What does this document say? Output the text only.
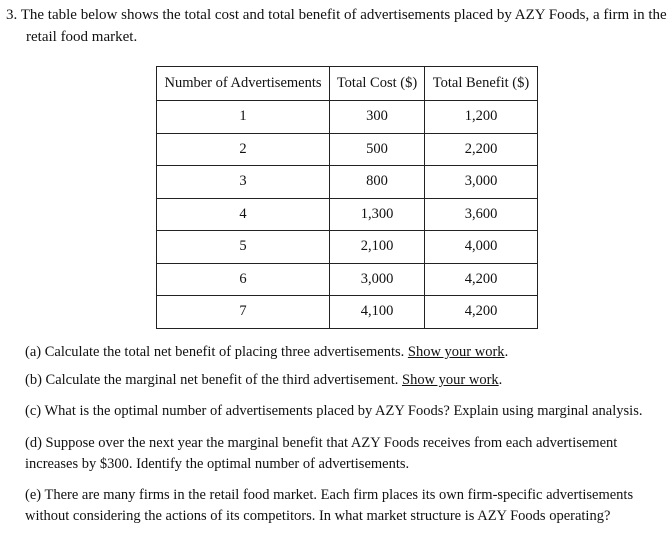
3. The table below shows the total cost and total benefit of advertisements placed by AZY Foods, a firm in the
retail food market.
Number of Advertisements	Total Cost ($)	Total Benefit ($)
1	300	1,200
2	500	2,200
3	800	3,000
4	1,300	3,600
5	2,100	4,000
6	3,000	4,200
7	4,100	4,200

(a) Calculate the total net benefit of placing three advertisements. Show your work.

(b) Calculate the marginal net benefit of the third advertisement. Show your work.

(c) What is the optimal number of advertisements placed by AZY Foods? Explain using marginal analysis.

(d) Suppose over the next year the marginal benefit that AZY Foods receives from each advertisement
increases by $300. Identify the optimal number of advertisements.
(e) There are many firms in the retail food market. Each firm places its own firm-specific advertisements
without considering the actions of its competitors. In what market structure is AZY Foods operating?
